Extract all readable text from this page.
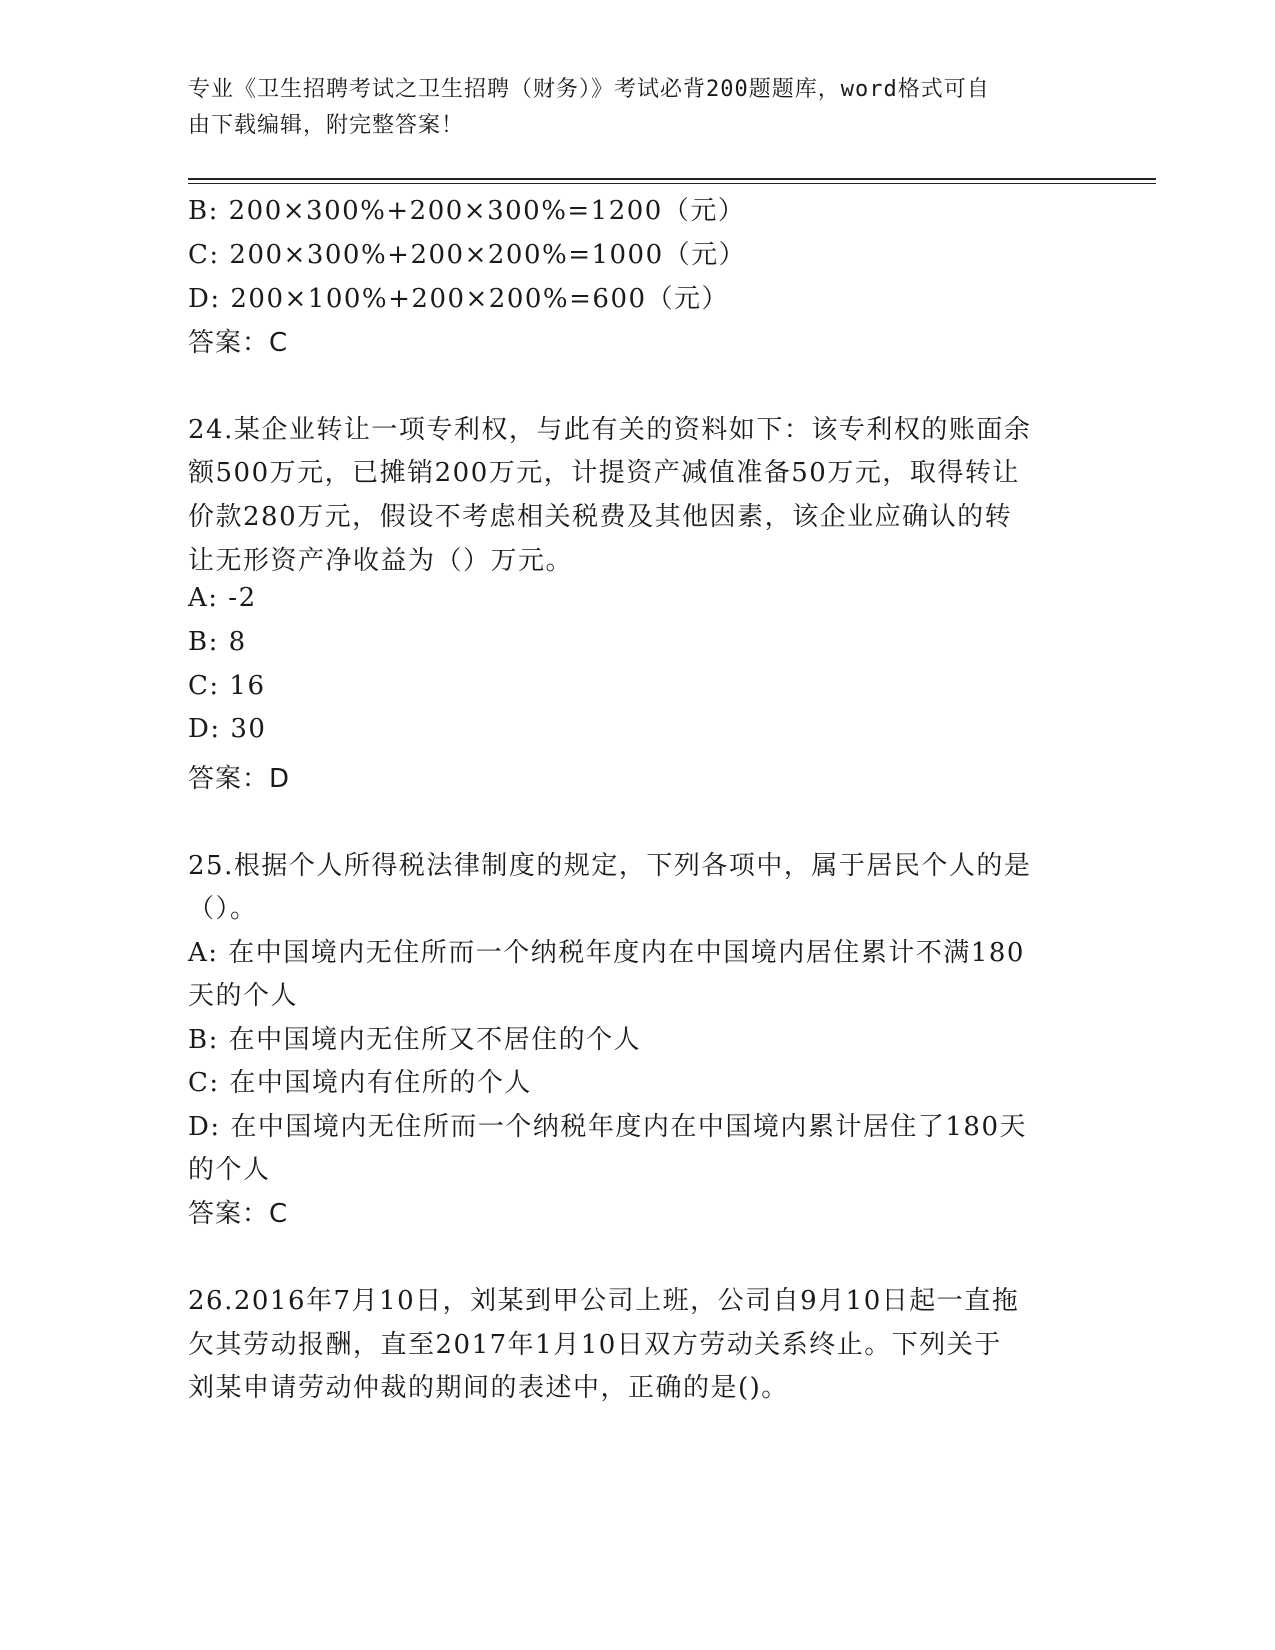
专业《卫生招聘考试之卫生招聘（财务）》考试必背200题题库，word格式可自
由下载编辑，附完整答案！
B: 200×300%+200×300%=1200（元）
C: 200×300%+200×200%=1000（元）
D: 200×100%+200×200%=600（元）
答案：C
24.某企业转让一项专利权，与此有关的资料如下：该专利权的账面余
额500万元，已摊销200万元，计提资产减值准备50万元，取得转让
价款280万元，假设不考虑相关税费及其他因素，该企业应确认的转
让无形资产净收益为（）万元。
A: -2
B: 8
C: 16
D: 30
答案：D
25.根据个人所得税法律制度的规定，下列各项中，属于居民个人的是
（）。
A: 在中国境内无住所而一个纳税年度内在中国境内居住累计不满180
天的个人
B: 在中国境内无住所又不居住的个人
C: 在中国境内有住所的个人
D: 在中国境内无住所而一个纳税年度内在中国境内累计居住了180天
的个人
答案：C
26.2016年7月10日，刘某到甲公司上班，公司自9月10日起一直拖
欠其劳动报酬，直至2017年1月10日双方劳动关系终止。下列关于
刘某申请劳动仲裁的期间的表述中，正确的是()。
